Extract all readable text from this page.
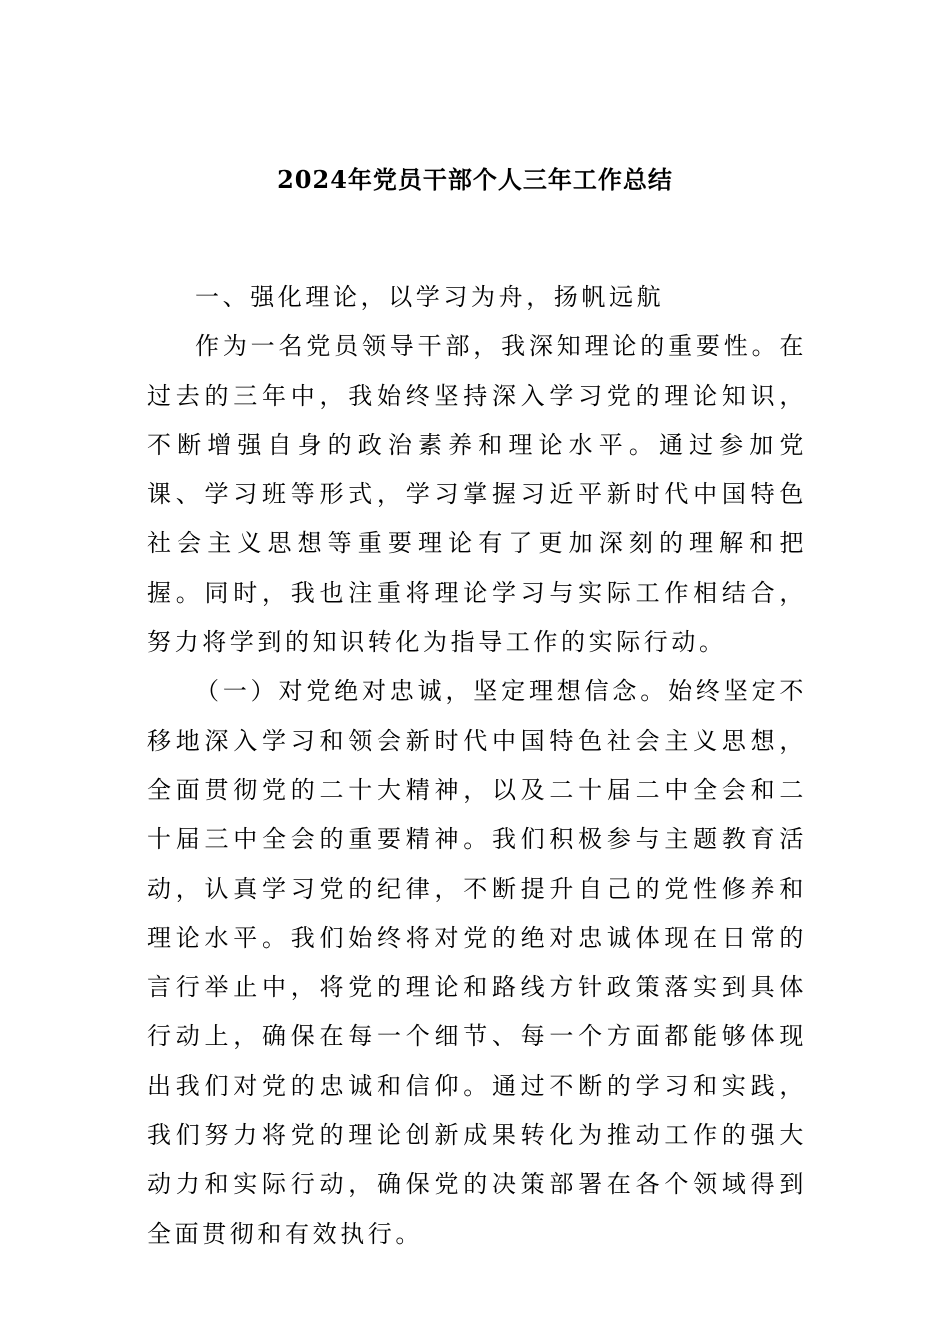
2024年党员干部个人三年工作总结

一、强化理论，以学习为舟，扬帆远航

作为一名党员领导干部，我深知理论的重要性。在过去的三年中，我始终坚持深入学习党的理论知识，不断增强自身的政治素养和理论水平。通过参加党课、学习班等形式，学习掌握习近平新时代中国特色社会主义思想等重要理论有了更加深刻的理解和把握。同时，我也注重将理论学习与实际工作相结合，努力将学到的知识转化为指导工作的实际行动。

（一）对党绝对忠诚，坚定理想信念。始终坚定不移地深入学习和领会新时代中国特色社会主义思想，全面贯彻党的二十大精神，以及二十届二中全会和二十届三中全会的重要精神。我们积极参与主题教育活动，认真学习党的纪律，不断提升自己的党性修养和理论水平。我们始终将对党的绝对忠诚体现在日常的言行举止中，将党的理论和路线方针政策落实到具体行动上，确保在每一个细节、每一个方面都能够体现出我们对党的忠诚和信仰。通过不断的学习和实践，我们努力将党的理论创新成果转化为推动工作的强大动力和实际行动，确保党的决策部署在各个领域得到全面贯彻和有效执行。
